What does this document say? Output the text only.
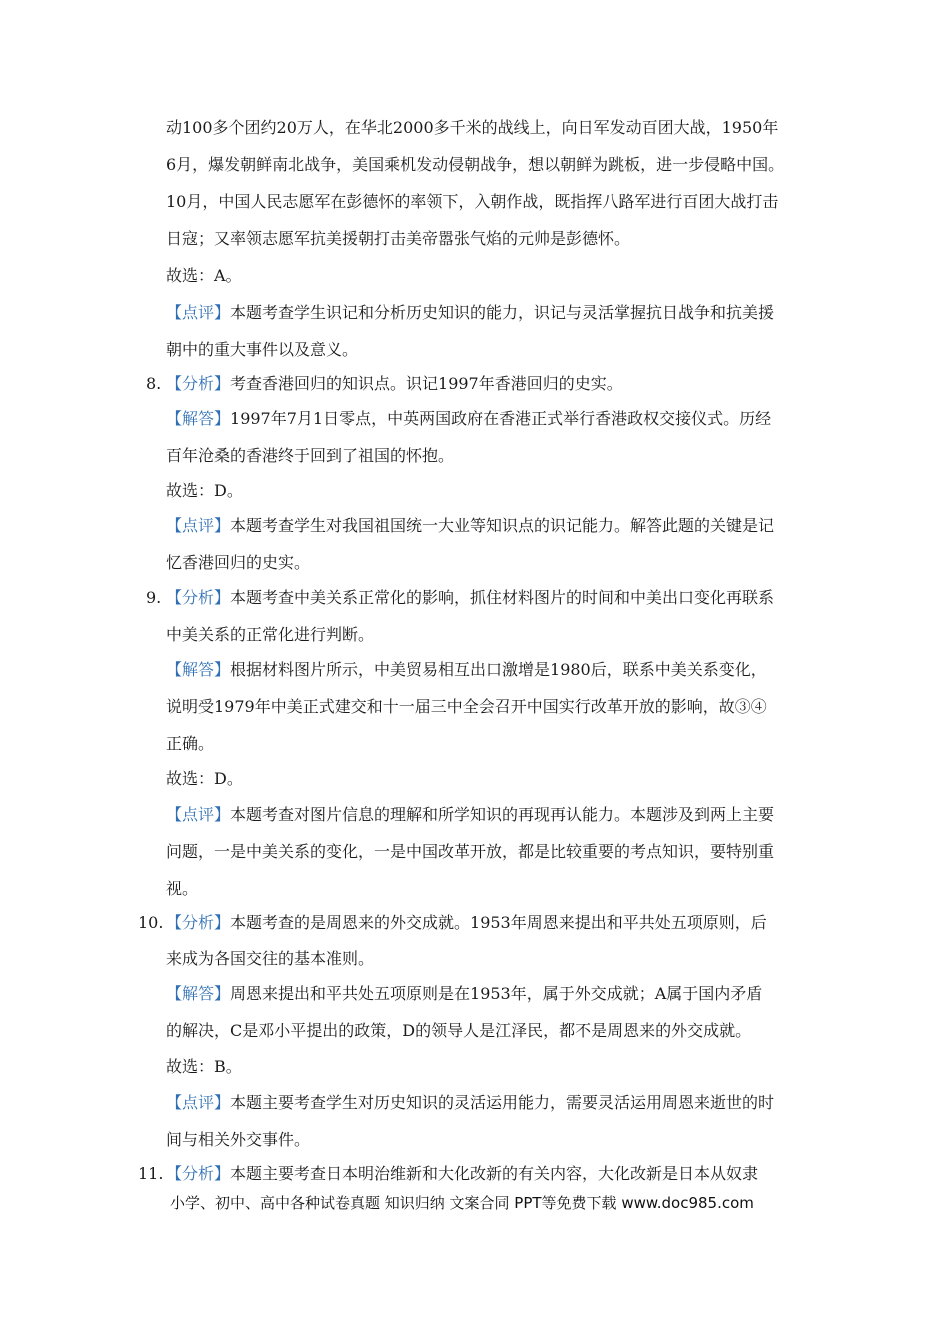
动100多个团约20万人，在华北2000多千米的战线上，向日军发动百团大战，1950年
6月，爆发朝鲜南北战争，美国乘机发动侵朝战争，想以朝鲜为跳板，进一步侵略中国。
10月，中国人民志愿军在彭德怀的率领下，入朝作战，既指挥八路军进行百团大战打击
日寇；又率领志愿军抗美援朝打击美帝嚣张气焰的元帅是彭德怀。
故选：A。
【点评】本题考查学生识记和分析历史知识的能力，识记与灵活掌握抗日战争和抗美援
朝中的重大事件以及意义。
8. 【分析】考查香港回归的知识点。识记1997年香港回归的史实。
【解答】1997年7月1日零点，中英两国政府在香港正式举行香港政权交接仪式。历经
百年沧桑的香港终于回到了祖国的怀抱。
故选：D。
【点评】本题考查学生对我国祖国统一大业等知识点的识记能力。解答此题的关键是记
忆香港回归的史实。
9. 【分析】本题考查中美关系正常化的影响，抓住材料图片的时间和中美出口变化再联系
中美关系的正常化进行判断。
【解答】根据材料图片所示，中美贸易相互出口激增是1980后，联系中美关系变化，
说明受1979年中美正式建交和十一届三中全会召开中国实行改革开放的影响，故③④
正确。
故选：D。
【点评】本题考查对图片信息的理解和所学知识的再现再认能力。本题涉及到两上主要
问题，一是中美关系的变化，一是中国改革开放，都是比较重要的考点知识，要特别重
视。
10. 【分析】本题考查的是周恩来的外交成就。1953年周恩来提出和平共处五项原则，后
来成为各国交往的基本准则。
【解答】周恩来提出和平共处五项原则是在1953年，属于外交成就；A属于国内矛盾
的解决，C是邓小平提出的政策，D的领导人是江泽民，都不是周恩来的外交成就。
故选：B。
【点评】本题主要考查学生对历史知识的灵活运用能力，需要灵活运用周恩来逝世的时
间与相关外交事件。
11. 【分析】本题主要考查日本明治维新和大化改新的有关内容，大化改新是日本从奴隶
小学、初中、高中各种试卷真题 知识归纳 文案合同 PPT等免费下载 www.doc985.com
